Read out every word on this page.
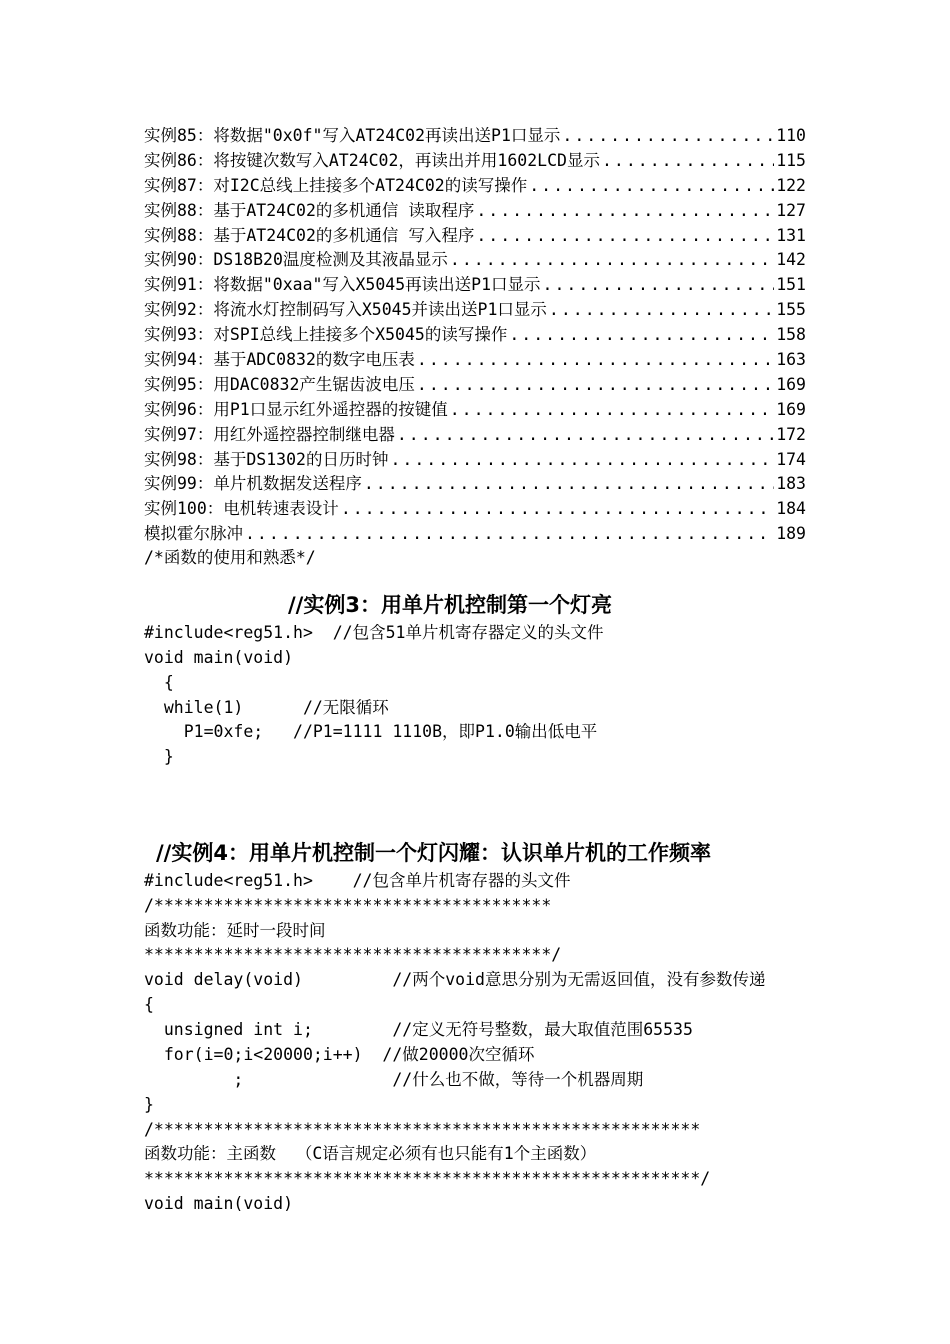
实例85：将数据"0x0f"写入AT24C02再读出送P1口显示 .....	110
实例86：将按键次数写入AT24C02，再读出并用1602LCD显示 .....	115
实例87：对I2C总线上挂接多个AT24C02的读写操作 .....	122
实例88：基于AT24C02的多机通信 读取程序 .....	127
实例88：基于AT24C02的多机通信 写入程序 .....	131
实例90：DS18B20温度检测及其液晶显示 .....	142
实例91：将数据"0xaa"写入X5045再读出送P1口显示 .....	151
实例92：将流水灯控制码写入X5045并读出送P1口显示 .....	155
实例93：对SPI总线上挂接多个X5045的读写操作 .....	158
实例94：基于ADC0832的数字电压表 .....	163
实例95：用DAC0832产生锯齿波电压 .....	169
实例96：用P1口显示红外遥控器的按键值 .....	169
实例97：用红外遥控器控制继电器 .....	172
实例98：基于DS1302的日历时钟 .....	174
实例99：单片机数据发送程序 .....	183
实例100：电机转速表设计 .....	184
模拟霍尔脉冲 .....	189
/*函数的使用和熟悉*/
//实例3：用单片机控制第一个灯亮
#include<reg51.h>  //包含51单片机寄存器定义的头文件
void main(void)
{
while(1)      //无限循环
P1=0xfe;   //P1=1111 1110B，即P1.0输出低电平
}
//实例4：用单片机控制一个灯闪耀：认识单片机的工作频率
#include<reg51.h>    //包含单片机寄存器的头文件
/****************************************
函数功能：延时一段时间
*****************************************/
void delay(void)         //两个void意思分别为无需返回值，没有参数传递
{
unsigned int i;        //定义无符号整数，最大取值范围65535
for(i=0;i<20000;i++)  //做20000次空循环
;               //什么也不做，等待一个机器周期
}
/*******************************************************
函数功能：主函数  （C语言规定必须有也只能有1个主函数）
********************************************************/
void main(void)
